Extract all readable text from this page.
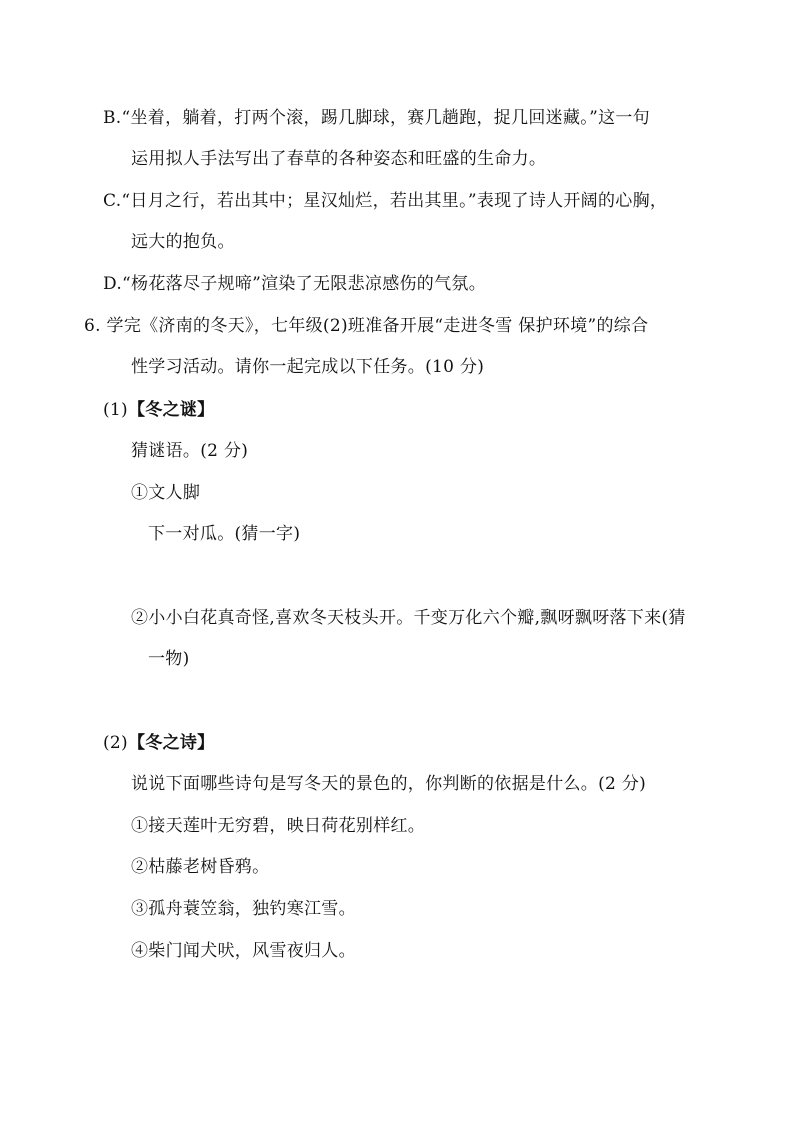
B.“坐着，躺着，打两个滚，踢几脚球，赛几趟跑，捉几回迷藏。”这一句
运用拟人手法写出了春草的各种姿态和旺盛的生命力。
C.“日月之行，若出其中；星汉灿烂，若出其里。”表现了诗人开阔的心胸，
远大的抱负。
D.“杨花落尽子规啼”渲染了无限悲凉感伤的气氛。
6. 学完《济南的冬天》，七年级(2)班准备开展“走进冬雪 保护环境”的综合
性学习活动。请你一起完成以下任务。(10 分)
(1)【冬之谜】
猜谜语。(2 分)
①文人脚
下一对瓜。(猜一字)
②小小白花真奇怪,喜欢冬天枝头开。千变万化六个瓣,飘呀飘呀落下来(猜
一物)
(2)【冬之诗】
说说下面哪些诗句是写冬天的景色的，你判断的依据是什么。(2 分)
①接天莲叶无穷碧，映日荷花别样红。
②枯藤老树昏鸦。
③孤舟蓑笠翁，独钓寒江雪。
④柴门闻犬吠，风雪夜归人。
